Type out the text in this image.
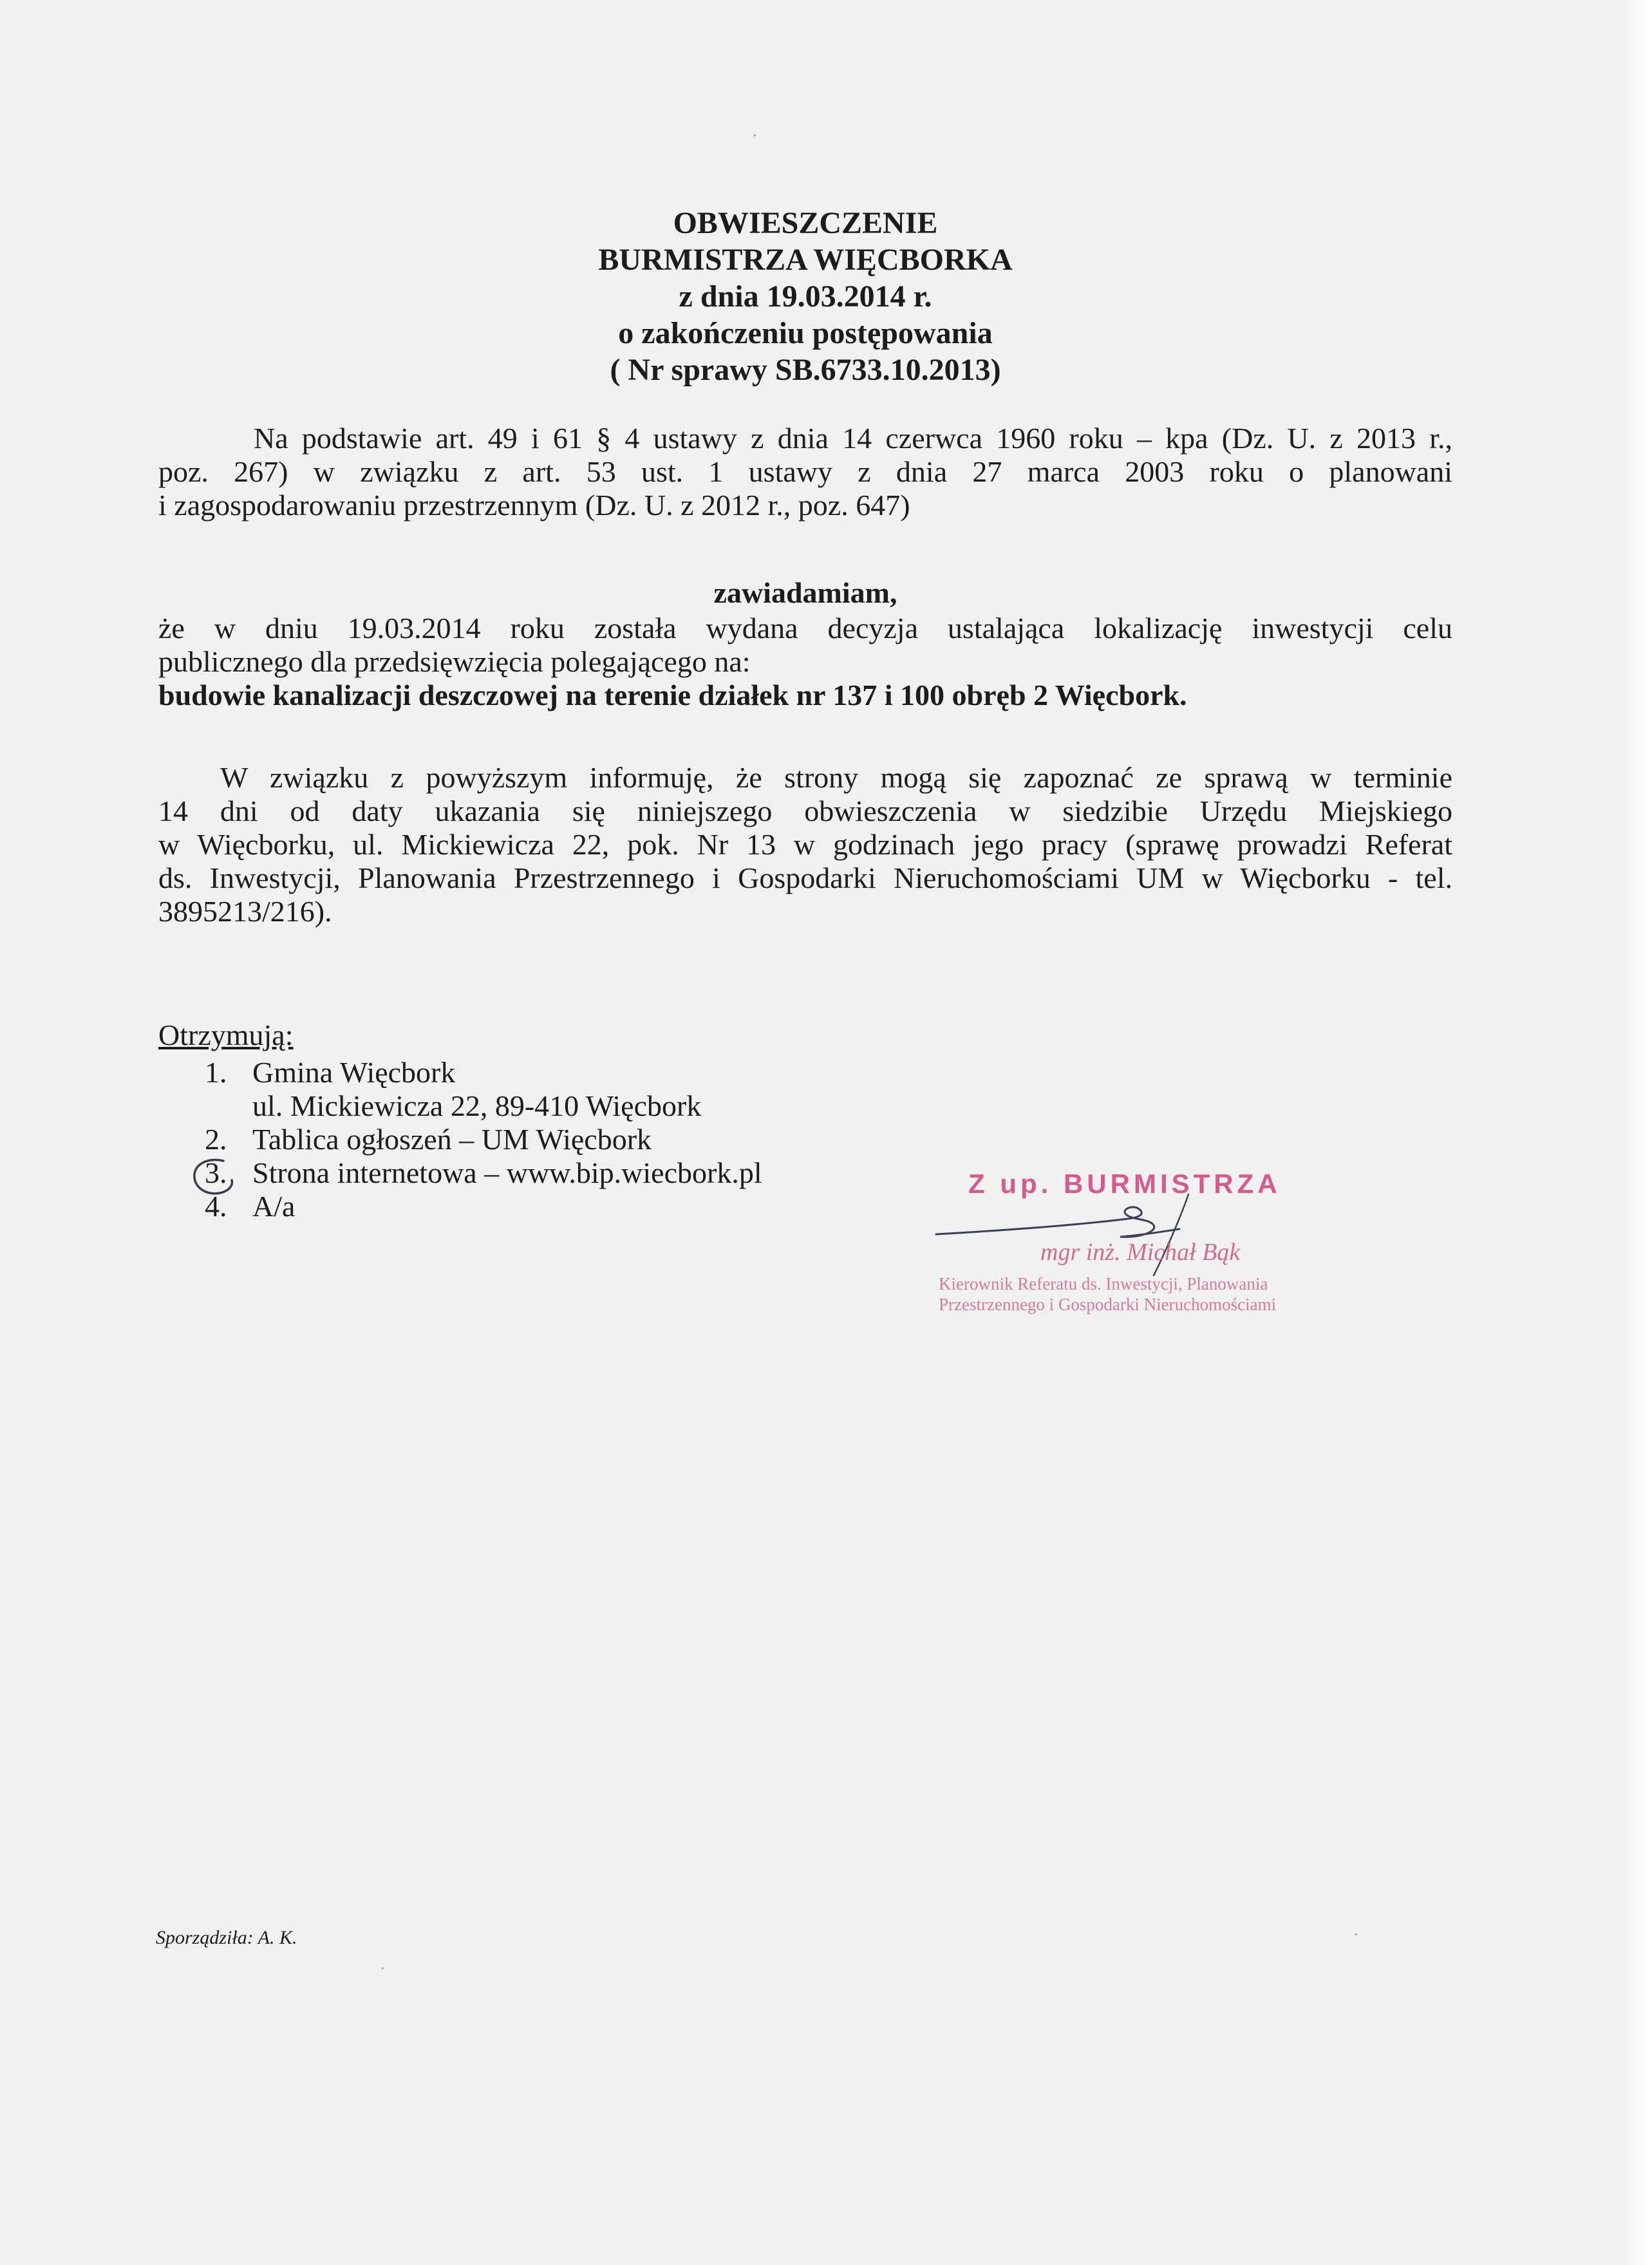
OBWIESZCZENIE
BURMISTRZA WIĘCBORKA
z dnia 19.03.2014 r.
o zakończeniu postępowania
( Nr sprawy SB.6733.10.2013)
Na podstawie art. 49 i 61 § 4 ustawy z dnia 14 czerwca 1960 roku – kpa (Dz. U. z 2013 r.,
poz. 267) w związku z art. 53 ust. 1 ustawy z dnia 27 marca 2003 roku o planowani
i zagospodarowaniu przestrzennym (Dz. U. z 2012 r., poz. 647)
zawiadamiam,
że w dniu 19.03.2014 roku została wydana decyzja ustalająca lokalizację inwestycji celu
publicznego dla przedsięwzięcia polegającego na:
budowie kanalizacji deszczowej na terenie działek nr 137 i 100 obręb 2 Więcbork.
W związku z powyższym informuję, że strony mogą się zapoznać ze sprawą w terminie
14 dni od daty ukazania się niniejszego obwieszczenia w siedzibie Urzędu Miejskiego
w Więcborku, ul. Mickiewicza 22, pok. Nr 13 w godzinach jego pracy (sprawę prowadzi Referat
ds. Inwestycji, Planowania Przestrzennego i Gospodarki Nieruchomościami UM w Więcborku - tel.
3895213/216).
Otrzymują:
1. Gmina Więcbork
ul. Mickiewicza 22, 89-410 Więcbork
2. Tablica ogłoszeń – UM Więcbork
3. Strona internetowa – www.bip.wiecbork.pl
4. A/a
Z up. BURMISTRZA
mgr inż. Michał Bąk
Kierownik Referatu ds. Inwestycji, Planowania
Przestrzennego i Gospodarki Nieruchomościami
Sporządziła: A. K.
·
·
·
